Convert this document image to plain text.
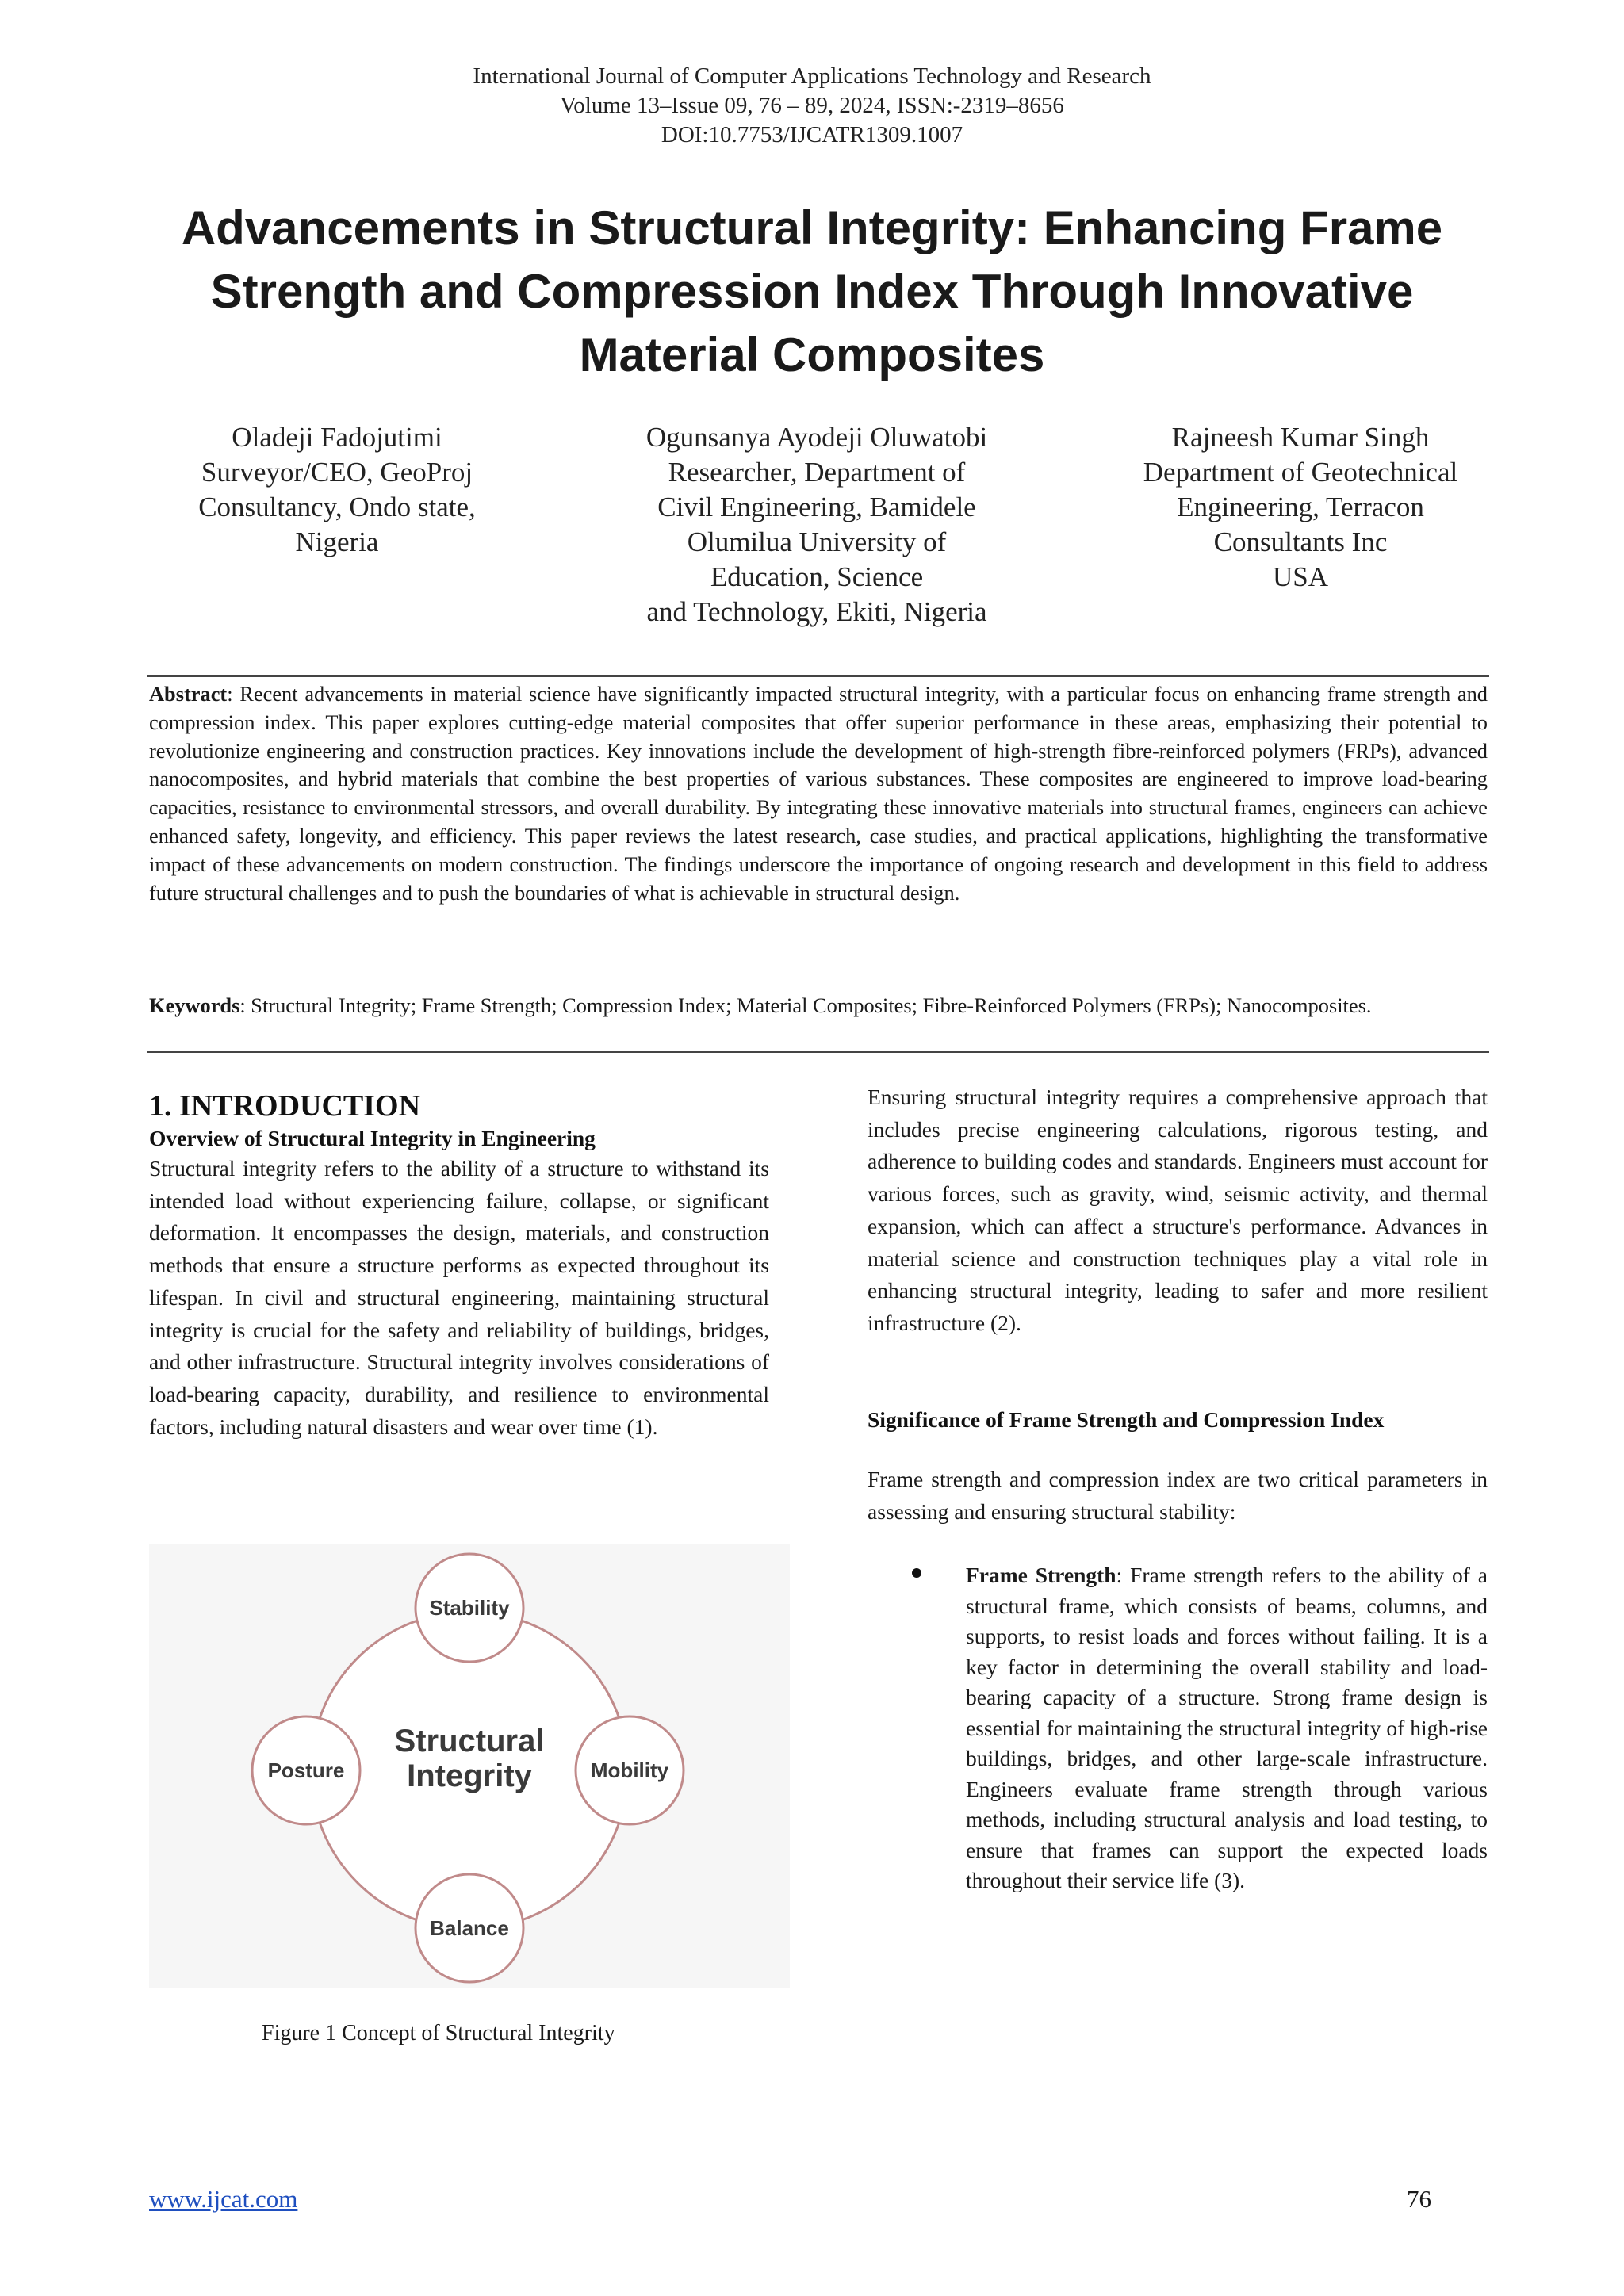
International Journal of Computer Applications Technology and Research
Volume 13–Issue 09, 76 – 89, 2024, ISSN:-2319–8656
DOI:10.7753/IJCATR1309.1007
Advancements in Structural Integrity: Enhancing Frame
Strength and Compression Index Through Innovative
Material Composites
Oladeji Fadojutimi
Surveyor/CEO, GeoProj
Consultancy, Ondo state,
Nigeria
Ogunsanya Ayodeji Oluwatobi
Researcher, Department of
Civil Engineering, Bamidele
Olumilua University of
Education, Science
and Technology, Ekiti, Nigeria
Rajneesh Kumar Singh
Department of Geotechnical
Engineering, Terracon
Consultants Inc
USA
Abstract: Recent advancements in material science have significantly impacted structural integrity, with a particular focus on enhancing frame strength and compression index. This paper explores cutting-edge material composites that offer superior performance in these areas, emphasizing their potential to revolutionize engineering and construction practices. Key innovations include the development of high-strength fibre-reinforced polymers (FRPs), advanced nanocomposites, and hybrid materials that combine the best properties of various substances. These composites are engineered to improve load-bearing capacities, resistance to environmental stressors, and overall durability. By integrating these innovative materials into structural frames, engineers can achieve enhanced safety, longevity, and efficiency. This paper reviews the latest research, case studies, and practical applications, highlighting the transformative impact of these advancements on modern construction. The findings underscore the importance of ongoing research and development in this field to address future structural challenges and to push the boundaries of what is achievable in structural design.
Keywords: Structural Integrity; Frame Strength; Compression Index; Material Composites; Fibre-Reinforced Polymers (FRPs); Nanocomposites.
1. INTRODUCTION
Overview of Structural Integrity in Engineering

Structural integrity refers to the ability of a structure to withstand its intended load without experiencing failure, collapse, or significant deformation. It encompasses the design, materials, and construction methods that ensure a structure performs as expected throughout its lifespan. In civil and structural engineering, maintaining structural integrity is crucial for the safety and reliability of buildings, bridges, and other infrastructure. Structural integrity involves considerations of load-bearing capacity, durability, and resilience to environmental factors, including natural disasters and wear over time (1).

Structural
Integrity
Stability
Mobility
Balance
Posture
Figure 1 Concept of Structural Integrity

Ensuring structural integrity requires a comprehensive approach that includes precise engineering calculations, rigorous testing, and adherence to building codes and standards. Engineers must account for various forces, such as gravity, wind, seismic activity, and thermal expansion, which can affect a structure's performance. Advances in material science and construction techniques play a vital role in enhancing structural integrity, leading to safer and more resilient infrastructure (2).

Significance of Frame Strength and Compression Index

Frame strength and compression index are two critical parameters in assessing and ensuring structural stability:

Frame Strength: Frame strength refers to the ability of a structural frame, which consists of beams, columns, and supports, to resist loads and forces without failing. It is a key factor in determining the overall stability and load-bearing capacity of a structure. Strong frame design is essential for maintaining the structural integrity of high-rise buildings, bridges, and other large-scale infrastructure. Engineers evaluate frame strength through various methods, including structural analysis and load testing, to ensure that frames can support the expected loads throughout their service life (3).
www.ijcat.com	76
